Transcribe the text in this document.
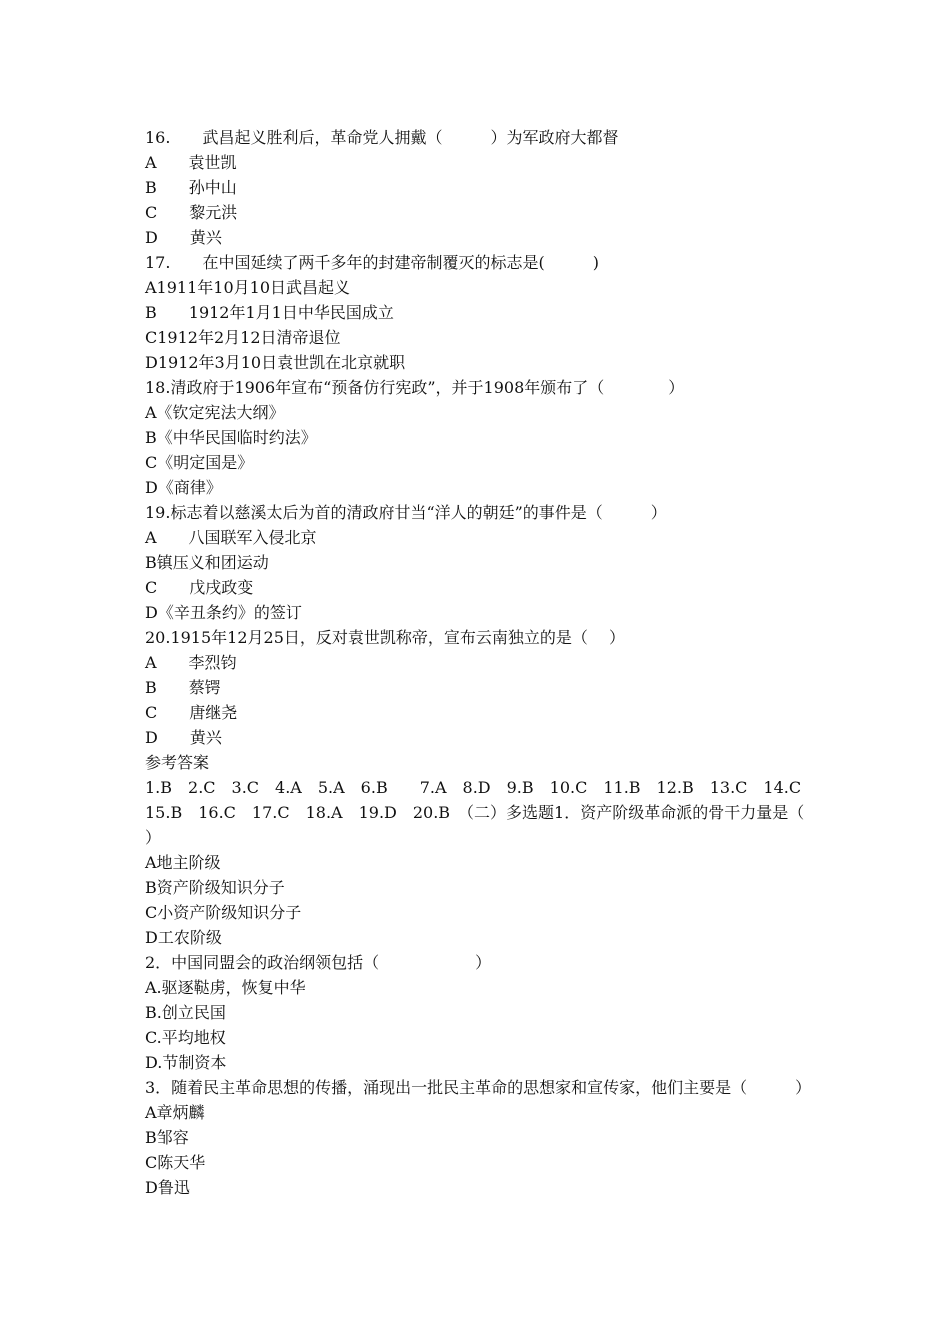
16.　　武昌起义胜利后，革命党人拥戴（　　　）为军政府大都督
A　　袁世凯
B　　孙中山
C　　黎元洪
D　　黄兴
17.　　在中国延续了两千多年的封建帝制覆灭的标志是(　　　)
A1911年10月10日武昌起义
B　　1912年1月1日中华民国成立
C1912年2月12日清帝退位
D1912年3月10日袁世凯在北京就职
18.清政府于1906年宣布“预备仿行宪政”，并于1908年颁布了（　　　　）
A《钦定宪法大纲》
B《中华民国临时约法》
C《明定国是》
D《商律》
19.标志着以慈溪太后为首的清政府甘当“洋人的朝廷”的事件是（　　　）
A　　八国联军入侵北京
B镇压义和团运动
C　　戊戌政变
D《辛丑条约》的签订
20.1915年12月25日，反对袁世凯称帝，宣布云南独立的是（　 ）
A　　李烈钧
B　　蔡锷
C　　唐继尧
D　　黄兴
参考答案
1.B　2.C　3.C　4.A　5.A　6.B　　7.A　8.D　9.B　10.C　11.B　12.B　13.C　14.C
15.B　16.C　17.C　18.A　19.D　20.B　（二）多选题1．资产阶级革命派的骨干力量是（　 ）
A地主阶级
B资产阶级知识分子
C小资产阶级知识分子
D工农阶级
2．中国同盟会的政治纲领包括（　　　　　　）
A.驱逐鞑虏，恢复中华
B.创立民国
C.平均地权
D.节制资本
3．随着民主革命思想的传播，涌现出一批民主革命的思想家和宣传家，他们主要是（　　　）
A章炳麟
B邹容
C陈天华
D鲁迅
